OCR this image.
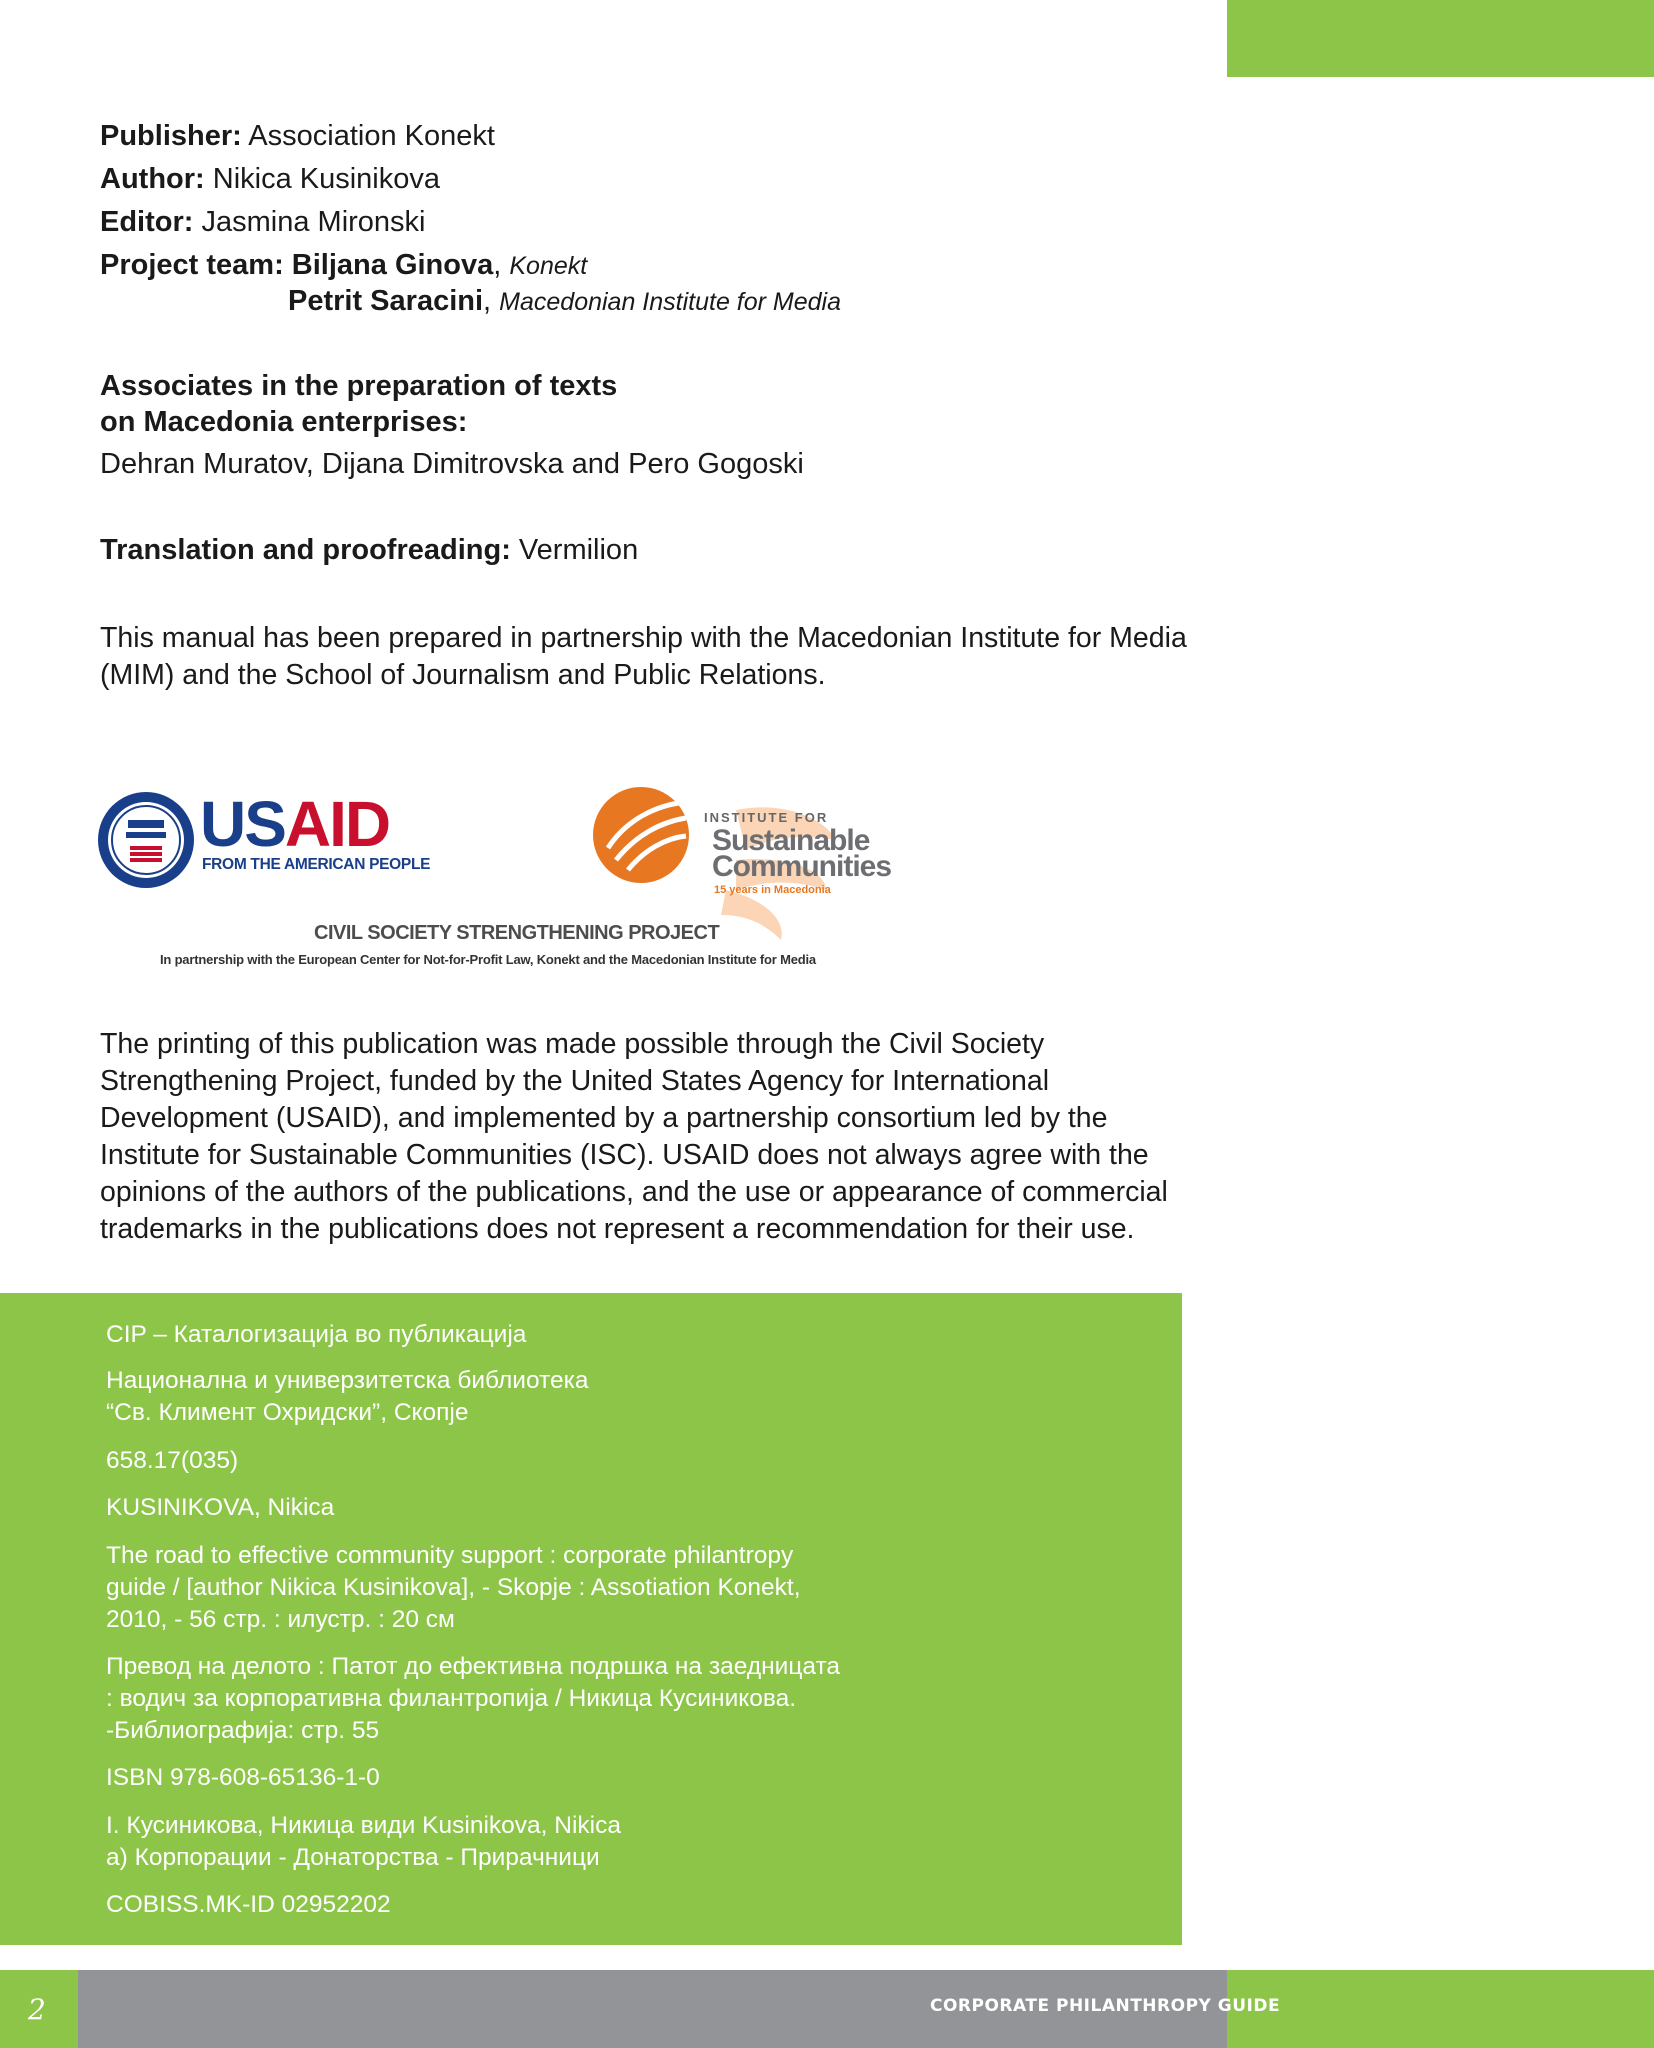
Publisher: Association Konekt
Author: Nikica Kusinikova
Editor: Jasmina Mironski
Project team: Biljana Ginova, Konekt
Petrit Saracini, Macedonian Institute for Media
Associates in the preparation of texts
on Macedonia enterprises:
Dehran Muratov, Dijana Dimitrovska and Pero Gogoski
Translation and proofreading: Vermilion
This manual has been prepared in partnership with the Macedonian Institute for Media
(MIM) and the School of Journalism and Public Relations.
USAID
FROM THE AMERICAN PEOPLE
INSTITUTE FOR
Sustainable
Communities
15 years in Macedonia
CIVIL SOCIETY STRENGTHENING PROJECT
In partnership with the European Center for Not-for-Profit Law, Konekt and the Macedonian Institute for Media
The printing of this publication was made possible through the Civil Society
Strengthening Project, funded by the United States Agency for International
Development (USAID), and implemented by a partnership consortium led by the
Institute for Sustainable Communities (ISC). USAID does not always agree with the
opinions of the authors of the publications, and the use or appearance of commercial
trademarks in the publications does not represent a recommendation for their use.
CIP – Каталогизација во публикација
Национална и универзитетска библиотека
“Св. Климент Охридски”, Скопје
658.17(035)
KUSINIKOVA, Nikica
The road to effective community support : corporate philantropy
guide / [author Nikica Kusinikova], - Skopje : Assotiation Konekt,
2010, - 56 стр. : илустр. : 20 см
Превод на делото : Патот до ефективна подршка на заедницата
: водич за корпоративна филантропија / Никица Кусиникова.
-Библиографија: стр. 55
ISBN 978-608-65136-1-0
I. Кусиникова, Никица види Kusinikova, Nikica
а) Корпорации - Донаторства - Прирачници
COBISS.MK-ID 02952202
2	CORPORATE PHILANTHROPY GUIDE
